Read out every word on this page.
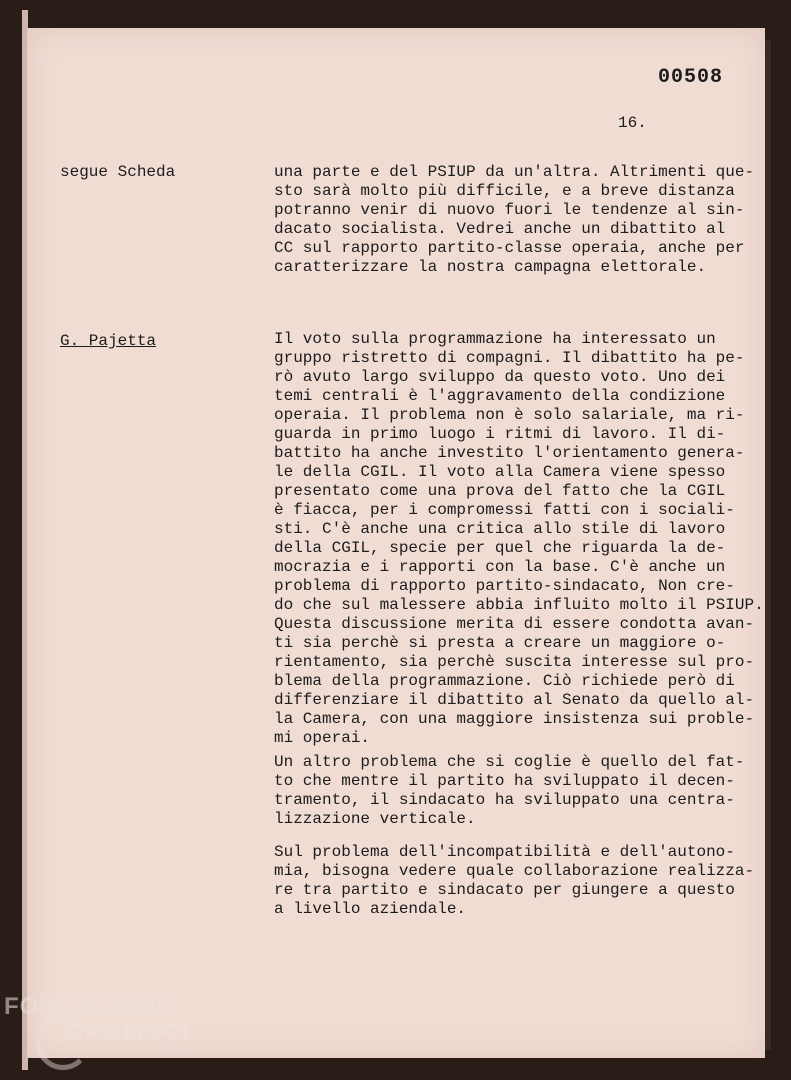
00508
16.
segue Scheda	una parte e del PSIUP da un'altra. Altrimenti que-
sto sarà molto più difficile, e a breve distanza
potranno venir di nuovo fuori le tendenze al sin-
dacato socialista. Vedrei anche un dibattito al
CC sul rapporto partito-classe operaia, anche per
caratterizzare la nostra campagna elettorale.
G. Pajetta	Il voto sulla programmazione ha interessato un
gruppo ristretto di compagni. Il dibattito ha pe-
rò avuto largo sviluppo da questo voto. Uno dei
temi centrali è l'aggravamento della condizione
operaia. Il problema non è solo salariale, ma ri-
guarda in primo luogo i ritmi di lavoro. Il di-
battito ha anche investito l'orientamento genera-
le della CGIL. Il voto alla Camera viene spesso
presentato come una prova del fatto che la CGIL
è fiacca, per i compromessi fatti con i sociali-
sti. C'è anche una critica allo stile di lavoro
della CGIL, specie per quel che riguarda la de-
mocrazia e i rapporti con la base. C'è anche un
problema di rapporto partito-sindacato, Non cre-
do che sul malessere abbia influito molto il PSIUP.
Questa discussione merita di essere condotta avan-
ti sia perchè si presta a creare un maggiore o-
rientamento, sia perchè suscita interesse sul pro-
blema della programmazione. Ciò richiede però di
differenziare il dibattito al Senato da quello al-
la Camera, con una maggiore insistenza sui proble-
mi operai.
Un altro problema che si coglie è quello del fat-
to che mentre il partito ha sviluppato il decen-
tramento, il sindacato ha sviluppato una centra-
lizzazione verticale.
Sul problema dell'incompatibilità e dell'autono-
mia, bisogna vedere quale collaborazione realizza-
re tra partito e sindacato per giungere a questo
a livello aziendale.
FONDAZIONE
GRAMSCI
onlus
